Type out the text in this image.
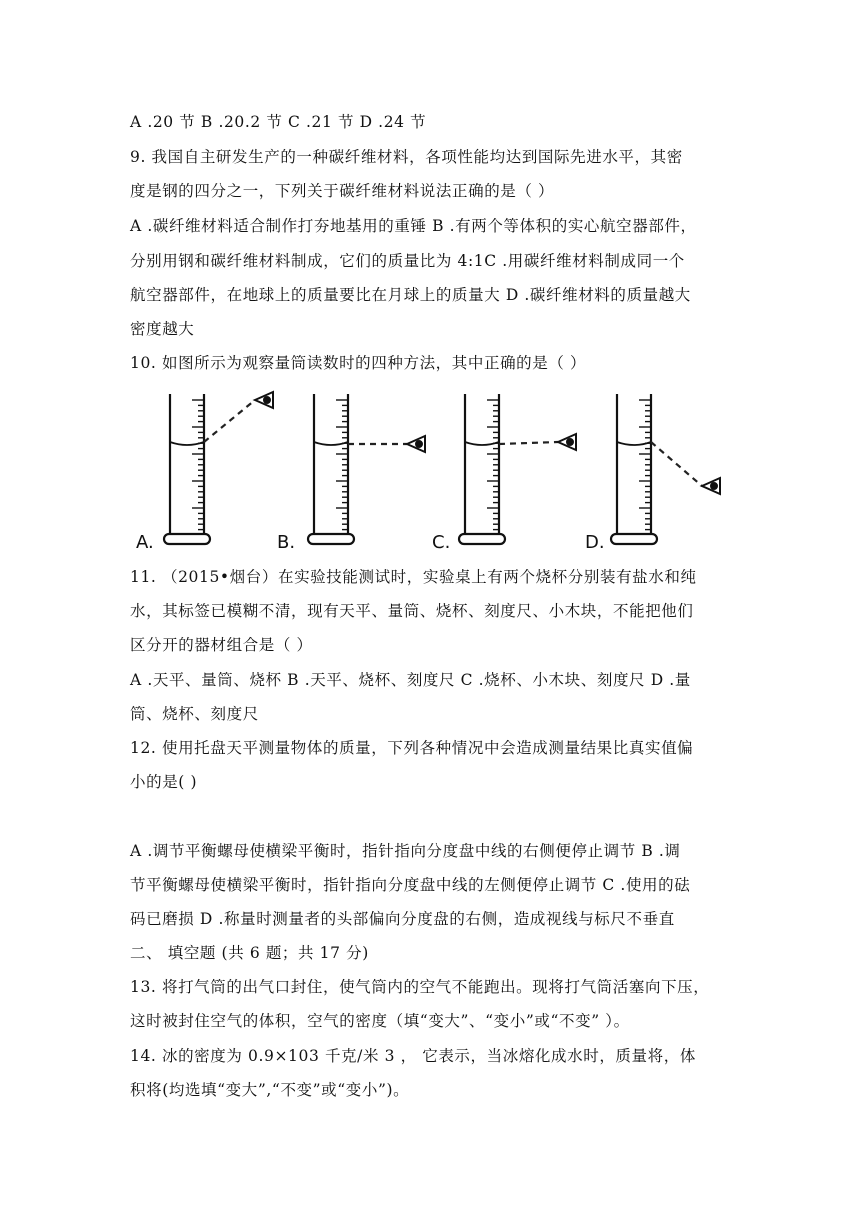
A .20 节 B .20.2 节 C .21 节 D .24 节
9. 我国自主研发生产的一种碳纤维材料，各项性能均达到国际先进水平，其密
度是钢的四分之一，下列关于碳纤维材料说法正确的是（ ）
A .碳纤维材料适合制作打夯地基用的重锤 B .有两个等体积的实心航空器部件，
分别用钢和碳纤维材料制成，它们的质量比为 4:1C .用碳纤维材料制成同一个
航空器部件，在地球上的质量要比在月球上的质量大 D .碳纤维材料的质量越大
密度越大
10. 如图所示为观察量筒读数时的四种方法，其中正确的是（ ）
A.	B.	C.	D.
11. （2015•烟台）在实验技能测试时，实验桌上有两个烧杯分别装有盐水和纯
水，其标签已模糊不清，现有天平、量筒、烧杯、刻度尺、小木块，不能把他们
区分开的器材组合是（ ）
A .天平、量筒、烧杯 B .天平、烧杯、刻度尺 C .烧杯、小木块、刻度尺 D .量
筒、烧杯、刻度尺
12. 使用托盘天平测量物体的质量，下列各种情况中会造成测量结果比真实值偏
小的是( )
A .调节平衡螺母使横梁平衡时，指针指向分度盘中线的右侧便停止调节 B .调
节平衡螺母使横梁平衡时，指针指向分度盘中线的左侧便停止调节 C .使用的砝
码已磨损 D .称量时测量者的头部偏向分度盘的右侧，造成视线与标尺不垂直
二、 填空题 (共 6 题；共 17 分)
13. 将打气筒的出气口封住，使气筒内的空气不能跑出。现将打气筒活塞向下压，
这时被封住空气的体积，空气的密度（填“变大”、“变小”或“不变” ）。
14. 冰的密度为 0.9×103 千克/米 3 ， 它表示，当冰熔化成水时，质量将，体
积将(均选填“变大”,“不变”或“变小”)。
